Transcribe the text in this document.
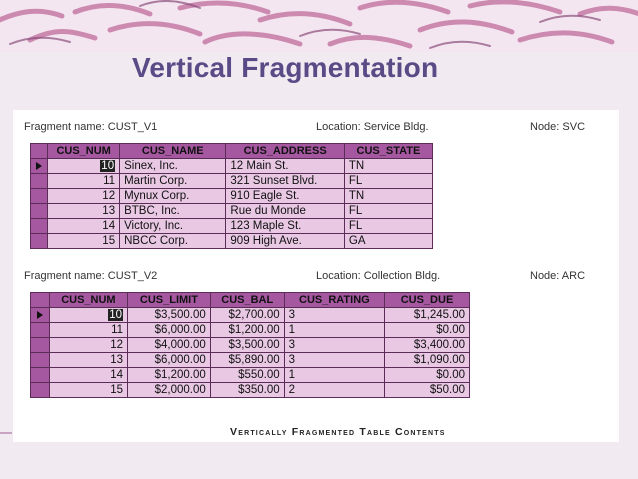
Vertical Fragmentation
Fragment name: CUST_V1	Location: Service Bldg.	Node: SVC
	CUS_NUM	CUS_NAME	CUS_ADDRESS	CUS_STATE
	10	Sinex, Inc.	12 Main St.	TN
	11	Martin Corp.	321 Sunset Blvd.	FL
	12	Mynux Corp.	910 Eagle St.	TN
	13	BTBC, Inc.	Rue du Monde	FL
	14	Victory, Inc.	123 Maple St.	FL
	15	NBCC Corp.	909 High Ave.	GA
Fragment name: CUST_V2	Location: Collection Bldg.	Node: ARC
	CUS_NUM	CUS_LIMIT	CUS_BAL	CUS_RATING	CUS_DUE
	10	$3,500.00	$2,700.00	3	$1,245.00
	11	$6,000.00	$1,200.00	1	$0.00
	12	$4,000.00	$3,500.00	3	$3,400.00
	13	$6,000.00	$5,890.00	3	$1,090.00
	14	$1,200.00	$550.00	1	$0.00
	15	$2,000.00	$350.00	2	$50.00
Vertically Fragmented Table Contents
